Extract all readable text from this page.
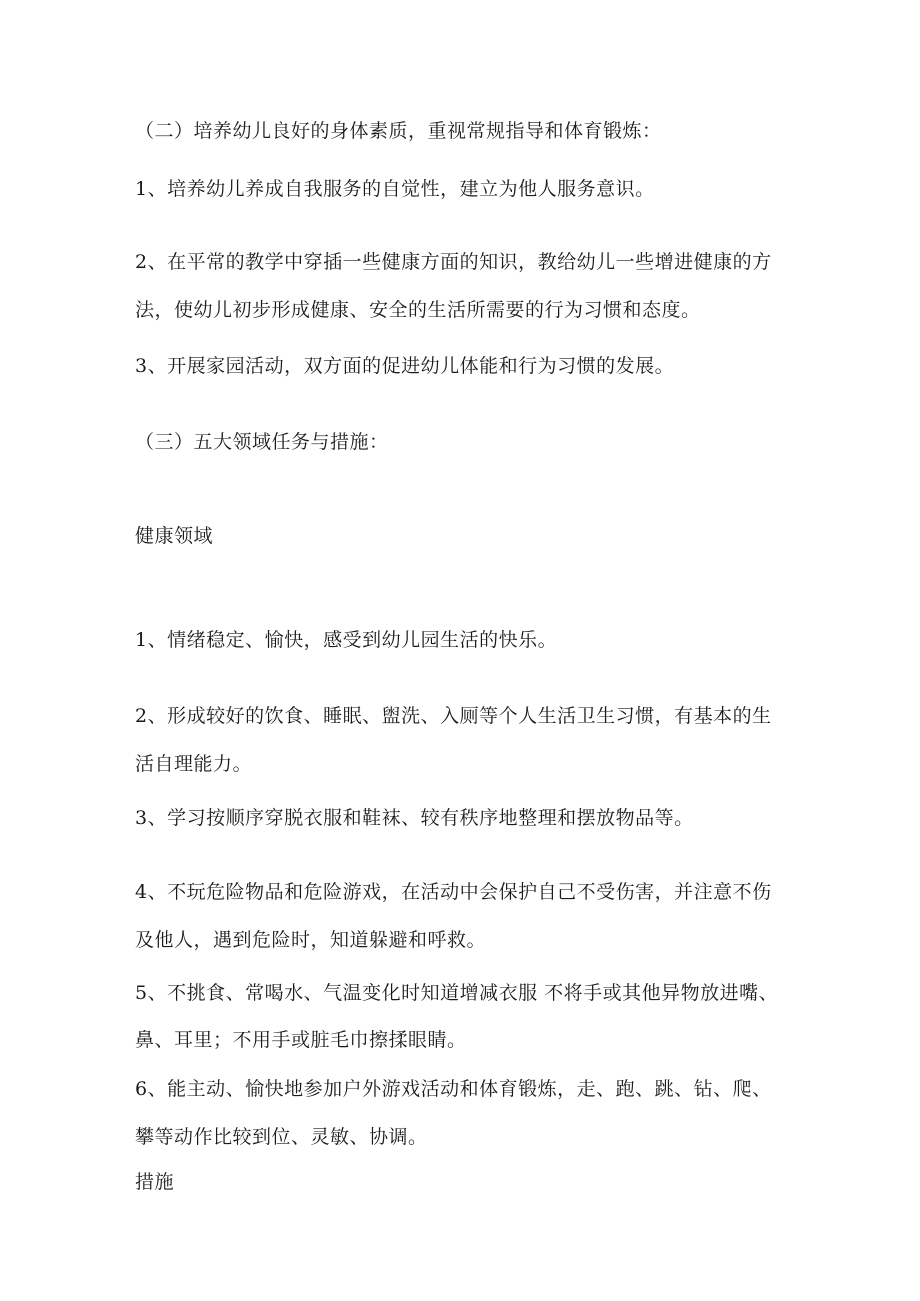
（二）培养幼儿良好的身体素质，重视常规指导和体育锻炼：
1、培养幼儿养成自我服务的自觉性，建立为他人服务意识。
2、在平常的教学中穿插一些健康方面的知识，教给幼儿一些增进健康的方
法，使幼儿初步形成健康、安全的生活所需要的行为习惯和态度。
3、开展家园活动，双方面的促进幼儿体能和行为习惯的发展。
（三）五大领域任务与措施：
健康领域
1、情绪稳定、愉快，感受到幼儿园生活的快乐。
2、形成较好的饮食、睡眠、盥洗、入厕等个人生活卫生习惯，有基本的生
活自理能力。
3、学习按顺序穿脱衣服和鞋袜、较有秩序地整理和摆放物品等。
4、不玩危险物品和危险游戏，在活动中会保护自己不受伤害，并注意不伤
及他人，遇到危险时，知道躲避和呼救。
5、不挑食、常喝水、气温变化时知道增减衣服 不将手或其他异物放进嘴、
鼻、耳里；不用手或脏毛巾擦揉眼睛。
6、能主动、愉快地参加户外游戏活动和体育锻炼，走、跑、跳、钻、爬、
攀等动作比较到位、灵敏、协调。
措施
